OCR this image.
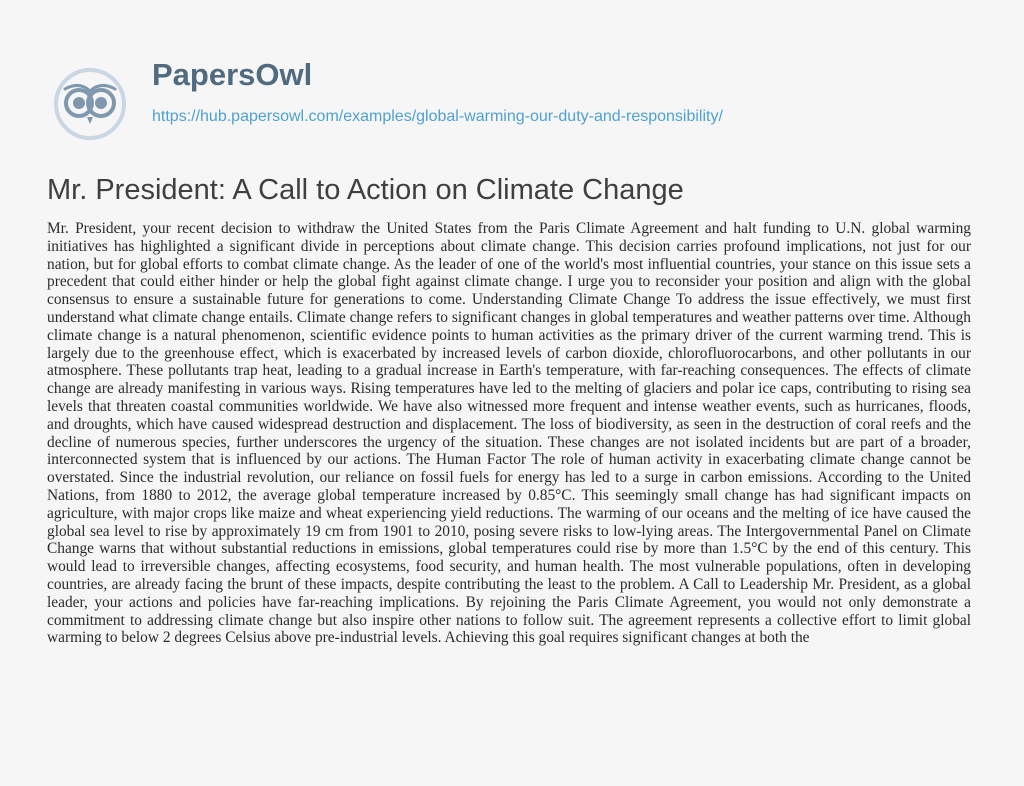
PapersOwl
https://hub.papersowl.com/examples/global-warming-our-duty-and-responsibility/
Mr. President: A Call to Action on Climate Change

Mr. President, your recent decision to withdraw the United States from the Paris Climate Agreement and halt funding to U.N. global warming initiatives has highlighted a significant divide in perceptions about climate change. This decision carries profound implications, not just for our nation, but for global efforts to combat climate change. As the leader of one of the world's most influential countries, your stance on this issue sets a precedent that could either hinder or help the global fight against climate change. I urge you to reconsider your position and align with the global consensus to ensure a sustainable future for generations to come. Understanding Climate Change To address the issue effectively, we must first understand what climate change entails. Climate change refers to significant changes in global temperatures and weather patterns over time. Although climate change is a natural phenomenon, scientific evidence points to human activities as the primary driver of the current warming trend. This is largely due to the greenhouse effect, which is exacerbated by increased levels of carbon dioxide, chlorofluorocarbons, and other pollutants in our atmosphere. These pollutants trap heat, leading to a gradual increase in Earth's temperature, with far-reaching consequences. The effects of climate change are already manifesting in various ways. Rising temperatures have led to the melting of glaciers and polar ice caps, contributing to rising sea levels that threaten coastal communities worldwide. We have also witnessed more frequent and intense weather events, such as hurricanes, floods, and droughts, which have caused widespread destruction and displacement. The loss of biodiversity, as seen in the destruction of coral reefs and the decline of numerous species, further underscores the urgency of the situation. These changes are not isolated incidents but are part of a broader, interconnected system that is influenced by our actions. The Human Factor The role of human activity in exacerbating climate change cannot be overstated. Since the industrial revolution, our reliance on fossil fuels for energy has led to a surge in carbon emissions. According to the United Nations, from 1880 to 2012, the average global temperature increased by 0.85°C. This seemingly small change has had significant impacts on agriculture, with major crops like maize and wheat experiencing yield reductions. The warming of our oceans and the melting of ice have caused the global sea level to rise by approximately 19 cm from 1901 to 2010, posing severe risks to low-lying areas. The Intergovernmental Panel on Climate Change warns that without substantial reductions in emissions, global temperatures could rise by more than 1.5°C by the end of this century. This would lead to irreversible changes, affecting ecosystems, food security, and human health. The most vulnerable populations, often in developing countries, are already facing the brunt of these impacts, despite contributing the least to the problem. A Call to Leadership Mr. President, as a global leader, your actions and policies have far-reaching implications. By rejoining the Paris Climate Agreement, you would not only demonstrate a commitment to addressing climate change but also inspire other nations to follow suit. The agreement represents a collective effort to limit global warming to below 2 degrees Celsius above pre-industrial levels. Achieving this goal requires significant changes at both the
